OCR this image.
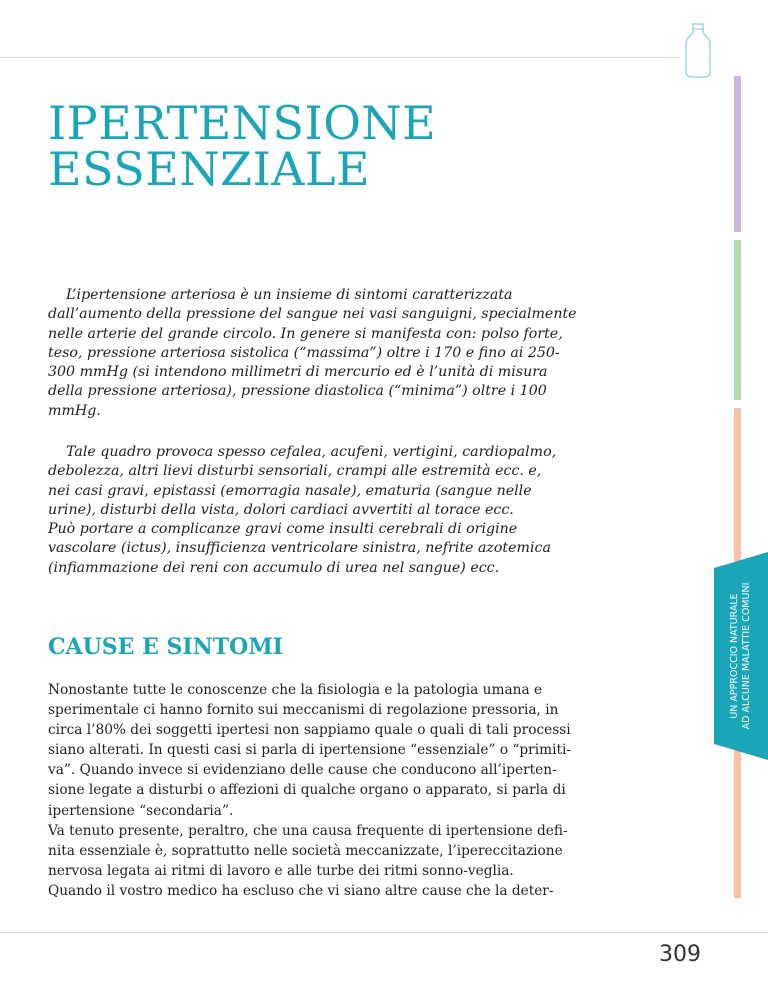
UN APPROCCIO NATURALE AD ALCUNE MALATTIE COMUNI
IPERTENSIONE
ESSENZIALE

L’ipertensione arteriosa è un insieme di sintomi caratterizzata
dall’aumento della pressione del sangue nei vasi sanguigni, specialmente
nelle arterie del grande circolo. In genere si manifesta con: polso forte,
teso, pressione arteriosa sistolica (“massima”) oltre i 170 e fino ai 250-
300 mmHg (si intendono millimetri di mercurio ed è l’unità di misura
della pressione arteriosa), pressione diastolica (“minima”) oltre i 100
mmHg.

Tale quadro provoca spesso cefalea, acufeni, vertigini, cardiopalmo,
debolezza, altri lievi disturbi sensoriali, crampi alle estremità ecc. e,
nei casi gravi, epistassi (emorragia nasale), ematuria (sangue nelle
urine), disturbi della vista, dolori cardiaci avvertiti al torace ecc.
Può portare a complicanze gravi come insulti cerebrali di origine
vascolare (ictus), insufficienza ventricolare sinistra, nefrite azotemica
(infiammazione dei reni con accumulo di urea nel sangue) ecc.

CAUSE E SINTOMI

Nonostante tutte le conoscenze che la fisiologia e la patologia umana e
sperimentale ci hanno fornito sui meccanismi di regolazione pressoria, in
circa l’80% dei soggetti ipertesi non sappiamo quale o quali di tali processi
siano alterati. In questi casi si parla di ipertensione “essenziale” o “primiti-
va”. Quando invece si evidenziano delle cause che conducono all’iperten-
sione legate a disturbi o affezioni di qualche organo o apparato, si parla di
ipertensione “secondaria”.
Va tenuto presente, peraltro, che una causa frequente di ipertensione defi-
nita essenziale è, soprattutto nelle società meccanizzate, l’ipereccitazione
nervosa legata ai ritmi di lavoro e alle turbe dei ritmi sonno-veglia.
Quando il vostro medico ha escluso che vi siano altre cause che la deter-

309
